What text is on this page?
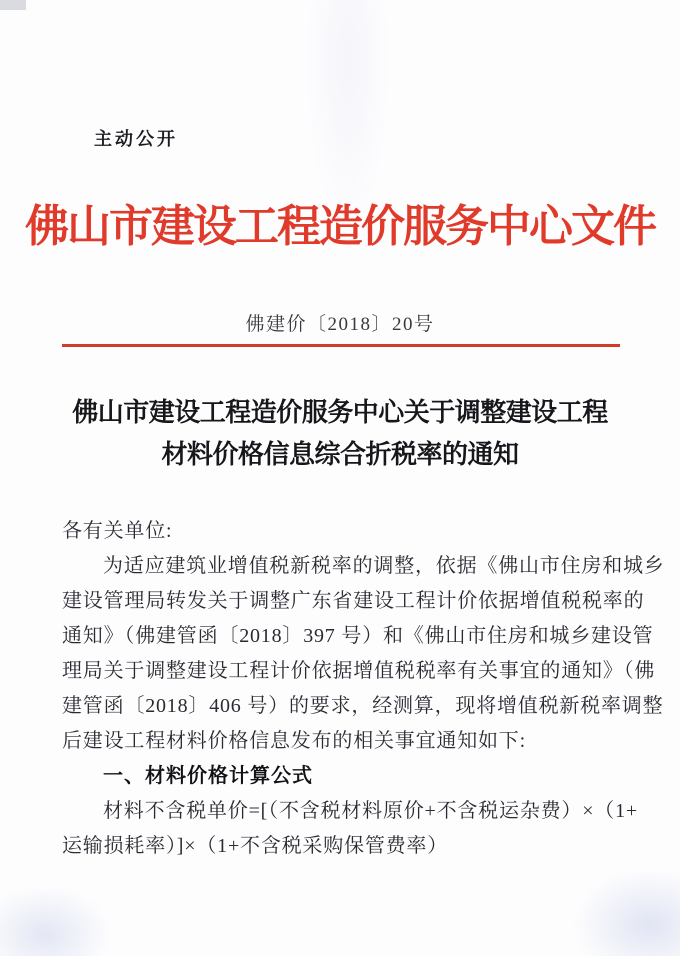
主动公开
佛山市建设工程造价服务中心文件
佛建价〔2018〕20号
佛山市建设工程造价服务中心关于调整建设工程
材料价格信息综合折税率的通知
各有关单位:
为适应建筑业增值税新税率的调整，依据《佛山市住房和城乡
建设管理局转发关于调整广东省建设工程计价依据增值税税率的
通知》（佛建管函〔2018〕397 号）和《佛山市住房和城乡建设管
理局关于调整建设工程计价依据增值税税率有关事宜的通知》（佛
建管函〔2018〕406 号）的要求，经测算，现将增值税新税率调整
后建设工程材料价格信息发布的相关事宜通知如下:
一、材料价格计算公式
材料不含税单价=[（不含税材料原价+不含税运杂费）×（1+
运输损耗率）]×（1+不含税采购保管费率）
